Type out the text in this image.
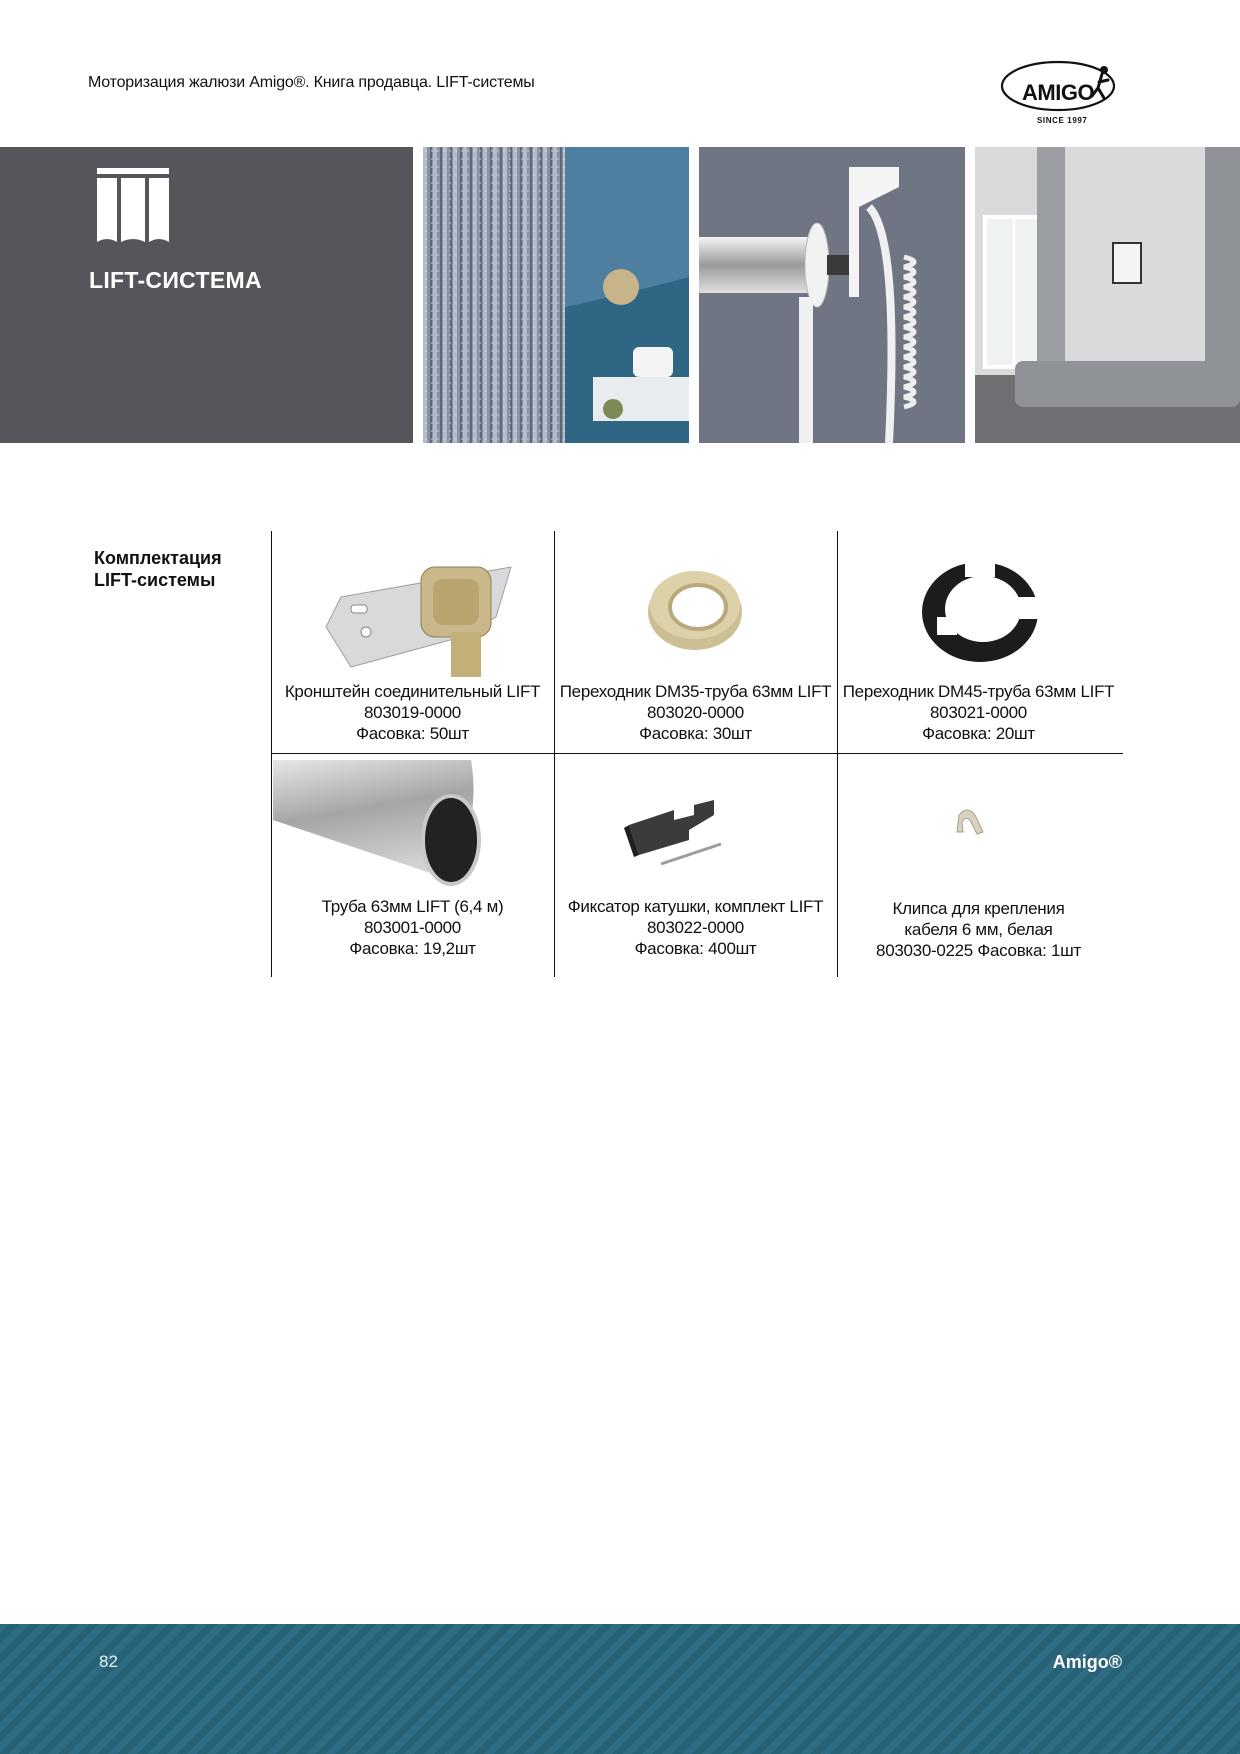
Моторизация жалюзи Amigo®. Книга продавца. LIFT-системы	AMIGO
SINCE 1997
LIFT-СИСТЕМА
Комплектация
LIFT-системы
Кронштейн соединительный LIFT
803019-0000
Фасовка: 50шт
Переходник DM35-труба 63мм LIFT
803020-0000
Фасовка: 30шт
Переходник DM45-труба 63мм LIFT
803021-0000
Фасовка: 20шт
Труба 63мм LIFT (6,4 м)
803001-0000
Фасовка: 19,2шт
Фиксатор катушки, комплект LIFT
803022-0000
Фасовка: 400шт
Клипса для крепления
кабеля 6 мм, белая
803030-0225 Фасовка: 1шт
82	Amigo®
